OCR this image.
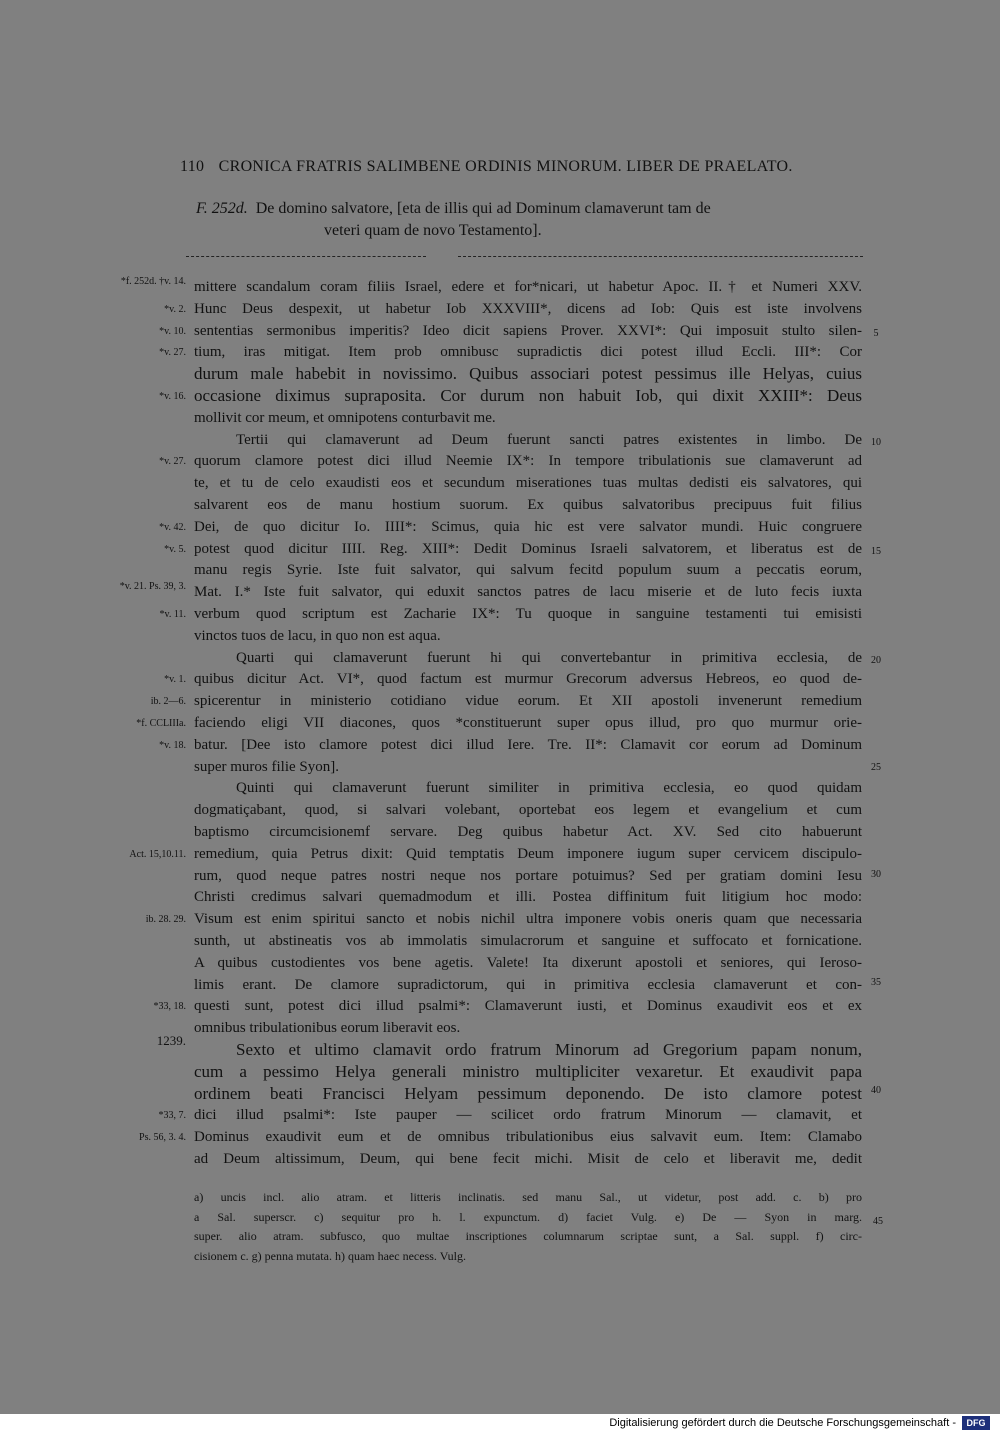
110 CRONICA FRATRIS SALIMBENE ORDINIS MINORUM. LIBER DE PRAELATO.
F. 252d. De domino salvatore, [eta de illis qui ad Dominum clamaverunt tam de
veteri quam de novo Testamento].
mittere scandalum coram filiis Israel, edere et for*nicari, ut habetur Apoc. II.† et Numeri XXV.
Hunc Deus despexit, ut habetur Iob XXXVIII*, dicens ad Iob: Quis est iste involvens
sententias sermonibus imperitis? Ideo dicit sapiens Prover. XXVI*: Qui imposuit stulto silen-
tium, iras mitigat. Item prob omnibusc supradictis dici potest illud Eccli. III*: Cor
durum male habebit in novissimo. Quibus associari potest pessimus ille Helyas, cuius
occasione diximus supraposita. Cor durum non habuit Iob, qui dixit XXIII*: Deus
mollivit cor meum, et omnipotens conturbavit me.
Tertii qui clamaverunt ad Deum fuerunt sancti patres existentes in limbo. De
quorum clamore potest dici illud Neemie IX*: In tempore tribulationis sue clamaverunt ad
te, et tu de celo exaudisti eos et secundum miserationes tuas multas dedisti eis salvatores, qui
salvarent eos de manu hostium suorum. Ex quibus salvatoribus precipuus fuit filius
Dei, de quo dicitur Io. IIII*: Scimus, quia hic est vere salvator mundi. Huic congruere
potest quod dicitur IIII. Reg. XIII*: Dedit Dominus Israeli salvatorem, et liberatus est de
manu regis Syrie. Iste fuit salvator, qui salvum fecitd populum suum a peccatis eorum,
Mat. I.* Iste fuit salvator, qui eduxit sanctos patres de lacu miserie et de luto fecis iuxta
verbum quod scriptum est Zacharie IX*: Tu quoque in sanguine testamenti tui emisisti
vinctos tuos de lacu, in quo non est aqua.
Quarti qui clamaverunt fuerunt hi qui convertebantur in primitiva ecclesia, de
quibus dicitur Act. VI*, quod factum est murmur Grecorum adversus Hebreos, eo quod de-
spicerentur in ministerio cotidiano vidue eorum. Et XII apostoli invenerunt remedium
faciendo eligi VII diacones, quos *constituerunt super opus illud, pro quo murmur orie-
batur. [Dee isto clamore potest dici illud Iere. Tre. II*: Clamavit cor eorum ad Dominum
super muros filie Syon].
Quinti qui clamaverunt fuerunt similiter in primitiva ecclesia, eo quod quidam
dogmatiçabant, quod, si salvari volebant, oportebat eos legem et evangelium et cum
baptismo circumcisionemf servare. Deg quibus habetur Act. XV. Sed cito habuerunt
remedium, quia Petrus dixit: Quid temptatis Deum imponere iugum super cervicem discipulo-
rum, quod neque patres nostri neque nos portare potuimus? Sed per gratiam domini Iesu
Christi credimus salvari quemadmodum et illi. Postea diffinitum fuit litigium hoc modo:
Visum est enim spiritui sancto et nobis nichil ultra imponere vobis oneris quam que necessaria
sunth, ut abstineatis vos ab immolatis simulacrorum et sanguine et suffocato et fornicatione.
A quibus custodientes vos bene agetis. Valete! Ita dixerunt apostoli et seniores, qui Ieroso-
limis erant. De clamore supradictorum, qui in primitiva ecclesia clamaverunt et con-
questi sunt, potest dici illud psalmi*: Clamaverunt iusti, et Dominus exaudivit eos et ex
omnibus tribulationibus eorum liberavit eos.
Sexto et ultimo clamavit ordo fratrum Minorum ad Gregorium papam nonum,
cum a pessimo Helya generali ministro multipliciter vexaretur. Et exaudivit papa
ordinem beati Francisci Helyam pessimum deponendo. De isto clamore potest
dici illud psalmi*: Iste pauper — scilicet ordo fratrum Minorum — clamavit, et
Dominus exaudivit eum et de omnibus tribulationibus eius salvavit eum. Item: Clamabo
ad Deum altissimum, Deum, qui bene fecit michi. Misit de celo et liberavit me, dedit
*f. 252d. †v. 14.
*v. 2.
*v. 10.
*v. 27.
*v. 16.
*v. 27.
*v. 42.
*v. 5.
*v. 21. Ps. 39, 3.
*v. 11.
*v. 1.
ib. 2—6.
*f. CCLIIIa.
*v. 18.
Act. 15,10.11.
ib. 28. 29.
*33, 18.
*33, 7.
Ps. 56, 3. 4.
5
10
15
20
25
30
35
40
45
1239.
a) uncis incl. alio atram. et litteris inclinatis. sed manu Sal., ut videtur, post add. c. b) pro
a Sal. superscr. c) sequitur pro h. l. expunctum. d) faciet Vulg. e) De — Syon in marg.
super. alio atram. subfusco, quo multae inscriptiones columnarum scriptae sunt, a Sal. suppl. f) circ-
cisionem c. g) penna mutata. h) quam haec necess. Vulg.
Digitalisierung gefördert durch die Deutsche Forschungsgemeinschaft -	DFG
